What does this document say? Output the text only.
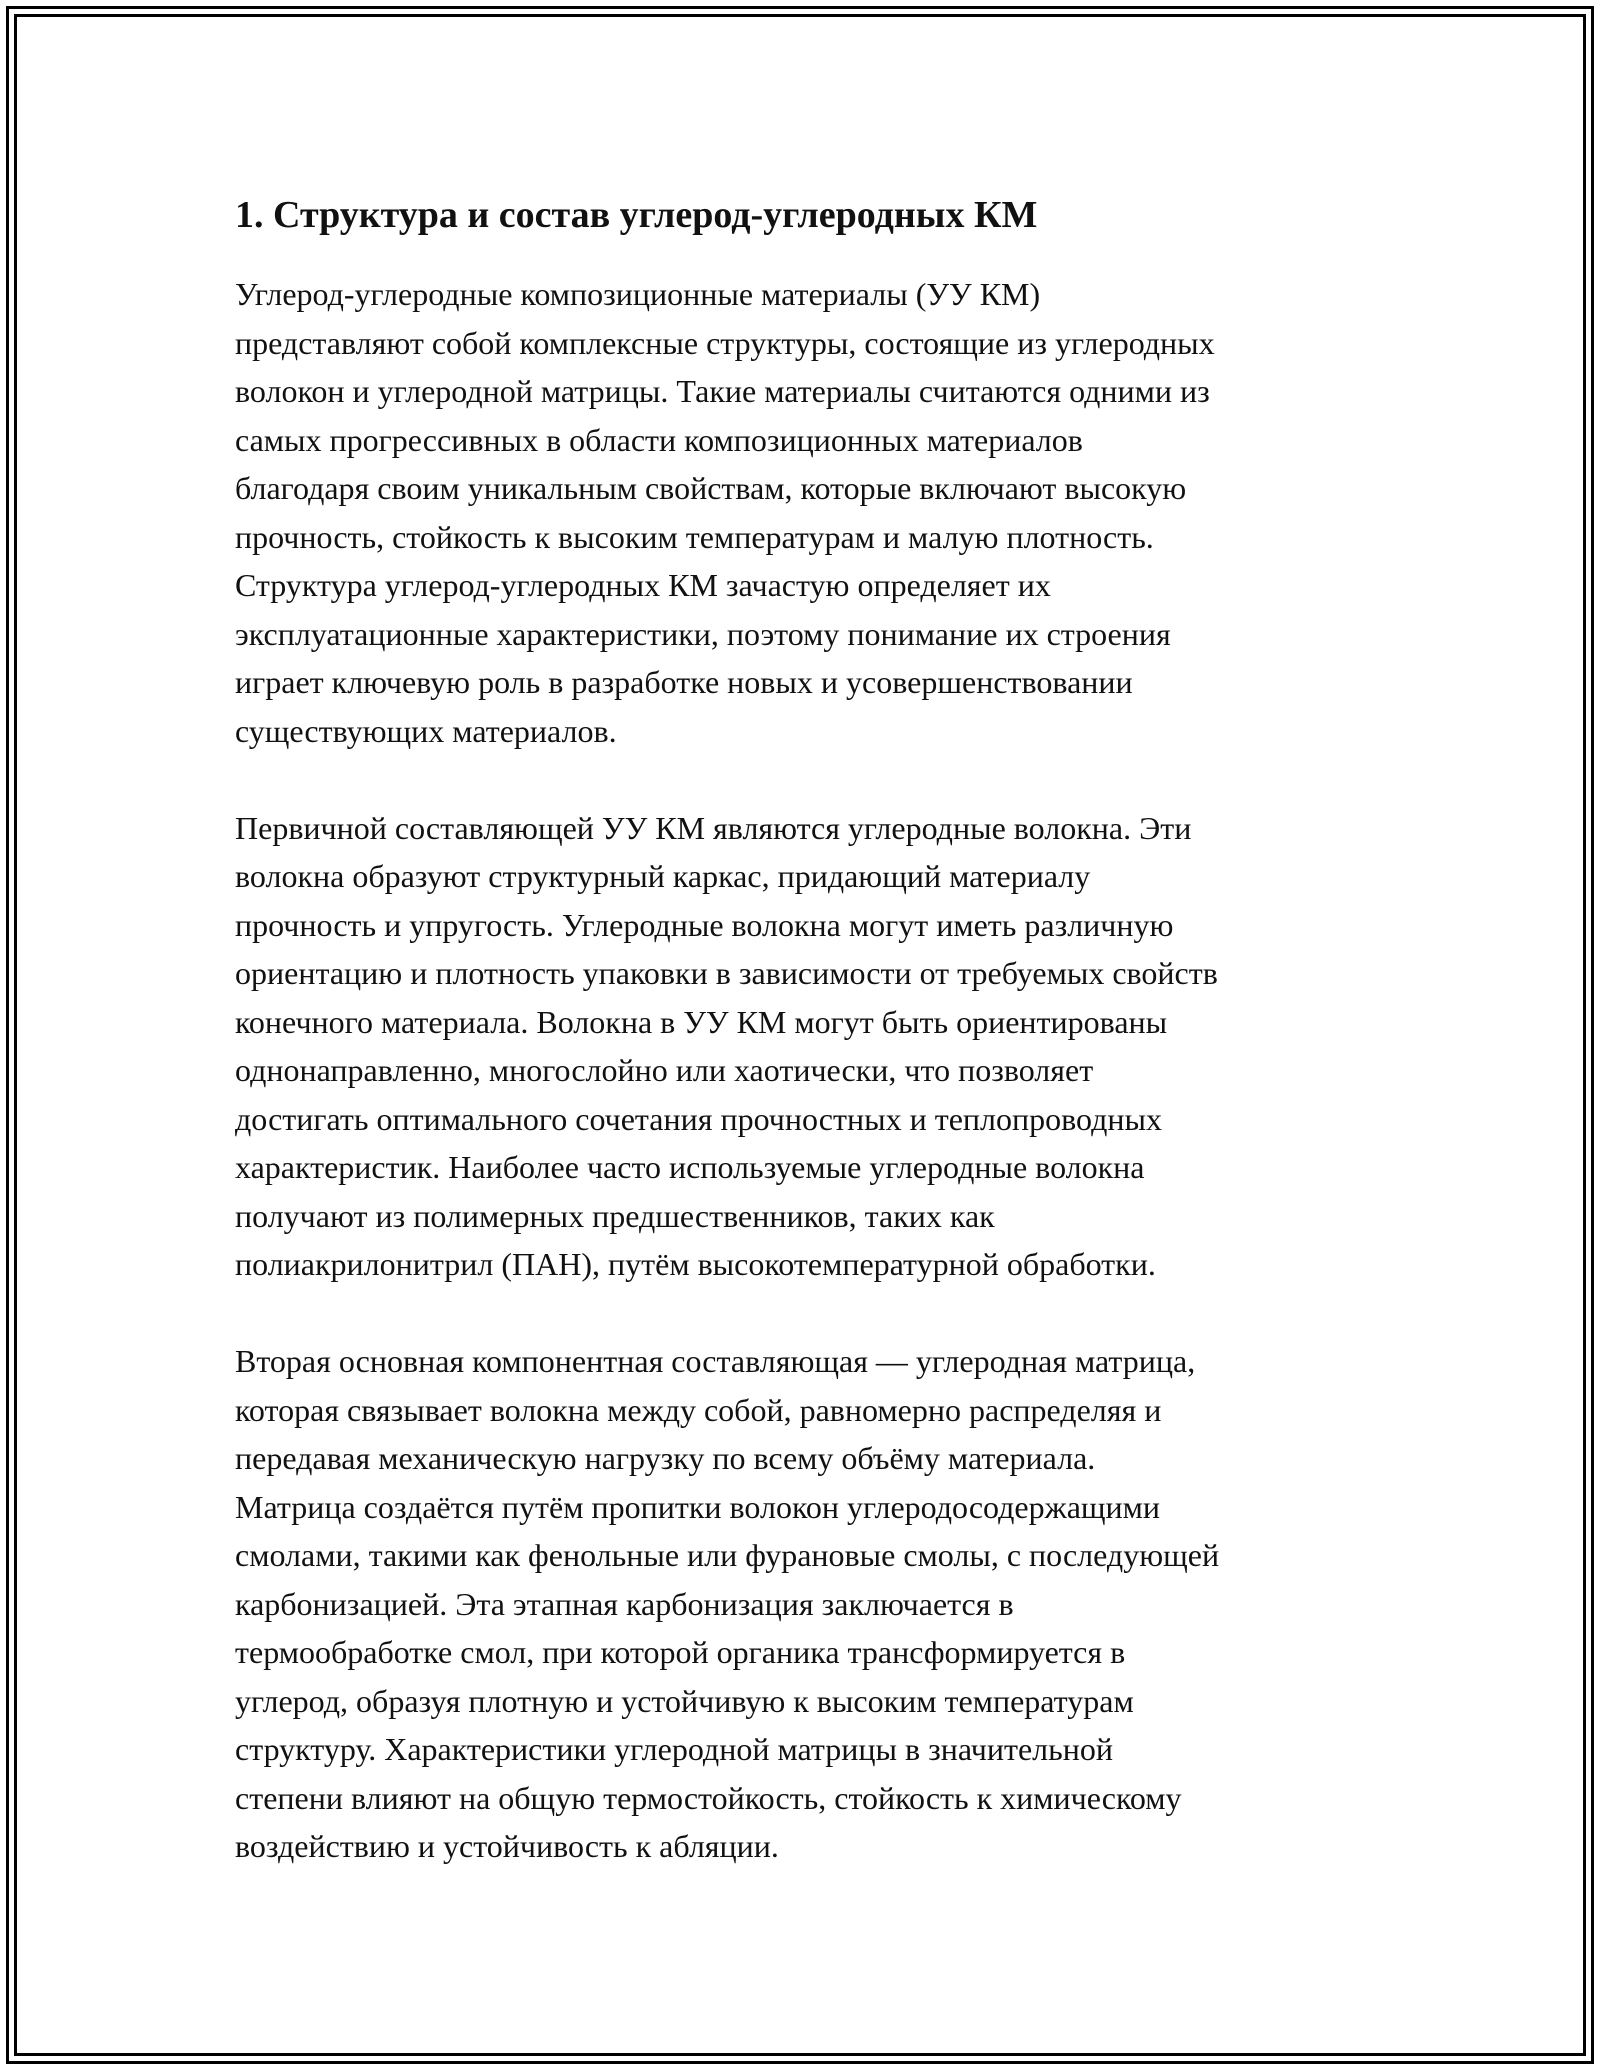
1. Структура и состав углерод-углеродных КМ

Углерод-углеродные композиционные материалы (УУ КМ)
представляют собой комплексные структуры, состоящие из углеродных
волокон и углеродной матрицы. Такие материалы считаются одними из
самых прогрессивных в области композиционных материалов
благодаря своим уникальным свойствам, которые включают высокую
прочность, стойкость к высоким температурам и малую плотность.
Структура углерод-углеродных КМ зачастую определяет их
эксплуатационные характеристики, поэтому понимание их строения
играет ключевую роль в разработке новых и усовершенствовании
существующих материалов.

Первичной составляющей УУ КМ являются углеродные волокна. Эти
волокна образуют структурный каркас, придающий материалу
прочность и упругость. Углеродные волокна могут иметь различную
ориентацию и плотность упаковки в зависимости от требуемых свойств
конечного материала. Волокна в УУ КМ могут быть ориентированы
однонаправленно, многослойно или хаотически, что позволяет
достигать оптимального сочетания прочностных и теплопроводных
характеристик. Наиболее часто используемые углеродные волокна
получают из полимерных предшественников, таких как
полиакрилонитрил (ПАН), путём высокотемпературной обработки.

Вторая основная компонентная составляющая — углеродная матрица,
которая связывает волокна между собой, равномерно распределяя и
передавая механическую нагрузку по всему объёму материала.
Матрица создаётся путём пропитки волокон углеродосодержащими
смолами, такими как фенольные или фурановые смолы, с последующей
карбонизацией. Эта этапная карбонизация заключается в
термообработке смол, при которой органика трансформируется в
углерод, образуя плотную и устойчивую к высоким температурам
структуру. Характеристики углеродной матрицы в значительной
степени влияют на общую термостойкость, стойкость к химическому
воздействию и устойчивость к абляции.
